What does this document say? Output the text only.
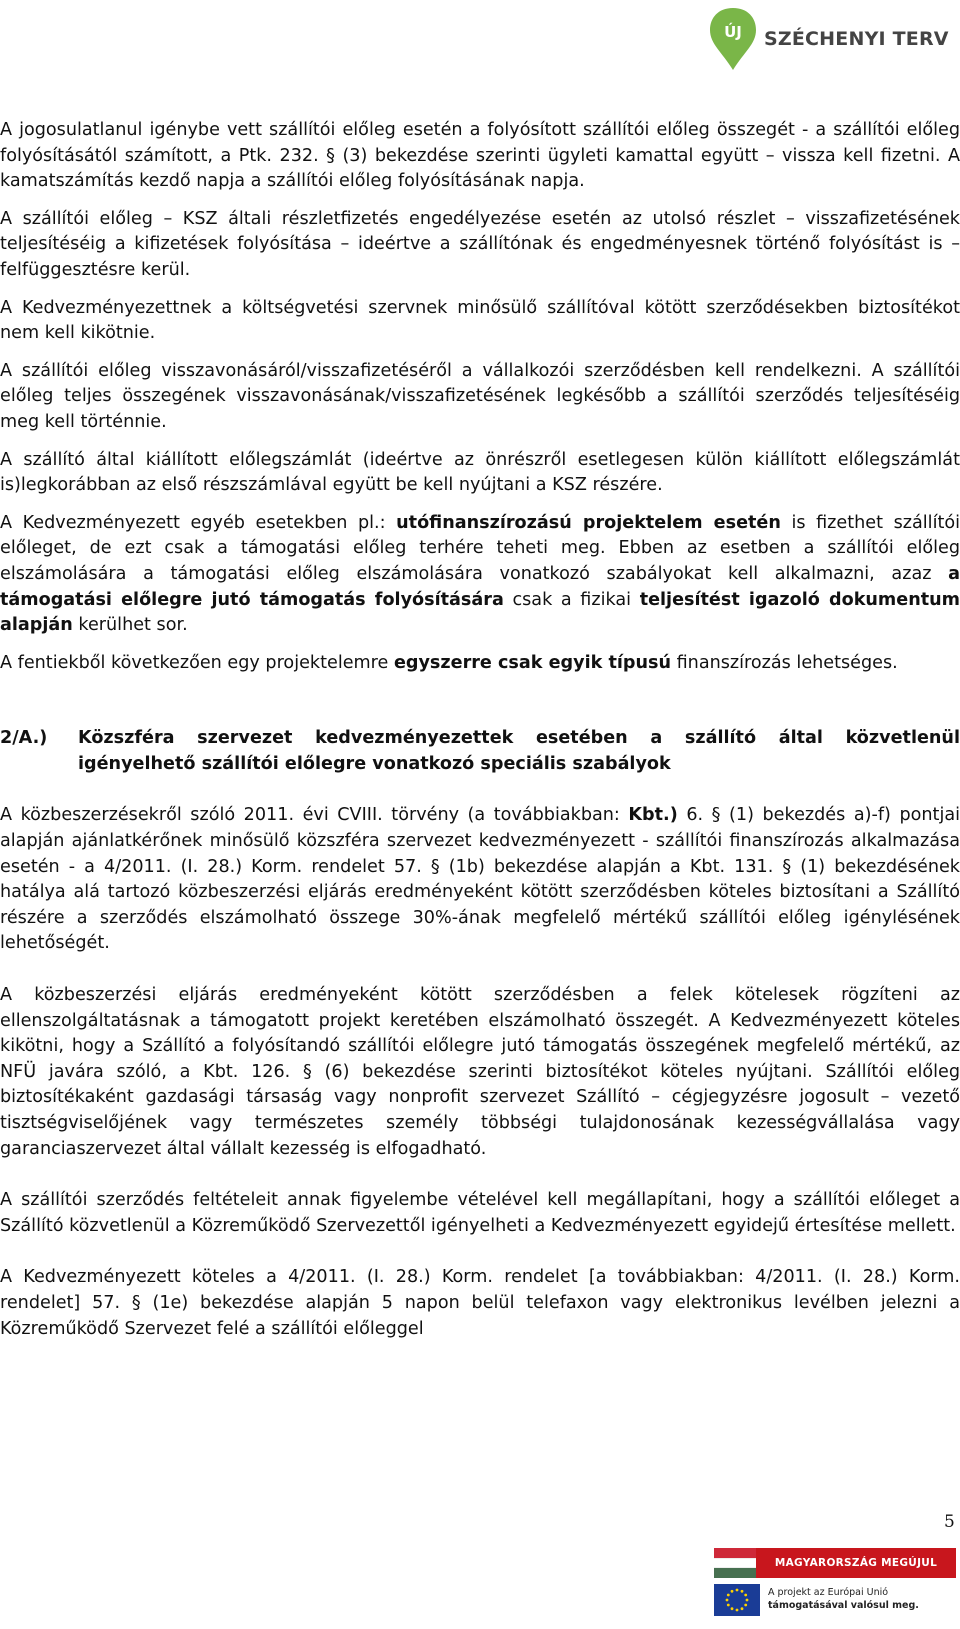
ÚJ SZÉCHENYI TERV

A jogosulatlanul igénybe vett szállítói előleg esetén a folyósított szállítói előleg összegét - a szállítói előleg folyósításától számított, a Ptk. 232. § (3) bekezdése szerinti ügyleti kamattal együtt – vissza kell fizetni. A kamatszámítás kezdő napja a szállítói előleg folyósításának napja.

A szállítói előleg – KSZ általi részletfizetés engedélyezése esetén az utolsó részlet – visszafizetésének teljesítéséig a kifizetések folyósítása – ideértve a szállítónak és engedményesnek történő folyósítást is – felfüggesztésre kerül.

A Kedvezményezettnek a költségvetési szervnek minősülő szállítóval kötött szerződésekben biztosítékot nem kell kikötnie.

A szállítói előleg visszavonásáról/visszafizetéséről a vállalkozói szerződésben kell rendelkezni. A szállítói előleg teljes összegének visszavonásának/visszafizetésének legkésőbb a szállítói szerződés teljesítéséig meg kell történnie.

A szállító által kiállított előlegszámlát (ideértve az önrészről esetlegesen külön kiállított előlegszámlát is)legkorábban az első részszámlával együtt be kell nyújtani a KSZ részére.

A Kedvezményezett egyéb esetekben pl.: utófinanszírozású projektelem esetén is fizethet szállítói előleget, de ezt csak a támogatási előleg terhére teheti meg. Ebben az esetben a szállítói előleg elszámolására a támogatási előleg elszámolására vonatkozó szabályokat kell alkalmazni, azaz a támogatási előlegre jutó támogatás folyósítására csak a fizikai teljesítést igazoló dokumentum alapján kerülhet sor.

A fentiekből következően egy projektelemre egyszerre csak egyik típusú finanszírozás lehetséges.

2/A.)	Közszféra szervezet kedvezményezettek esetében a szállító által közvetlenül igényelhető szállítói előlegre vonatkozó speciális szabályok

A közbeszerzésekről szóló 2011. évi CVIII. törvény (a továbbiakban: Kbt.) 6. § (1) bekezdés a)-f) pontjai alapján ajánlatkérőnek minősülő közszféra szervezet kedvezményezett - szállítói finanszírozás alkalmazása esetén - a 4/2011. (I. 28.) Korm. rendelet 57. § (1b) bekezdése alapján a Kbt. 131. § (1) bekezdésének hatálya alá tartozó közbeszerzési eljárás eredményeként kötött szerződésben köteles biztosítani a Szállító részére a szerződés elszámolható összege 30%-ának megfelelő mértékű szállítói előleg igénylésének lehetőségét.

A közbeszerzési eljárás eredményeként kötött szerződésben a felek kötelesek rögzíteni az ellenszolgáltatásnak a támogatott projekt keretében elszámolható összegét. A Kedvezményezett köteles kikötni, hogy a Szállító a folyósítandó szállítói előlegre jutó támogatás összegének megfelelő mértékű, az NFÜ javára szóló, a Kbt. 126. § (6) bekezdése szerinti biztosítékot köteles nyújtani. Szállítói előleg biztosítékaként gazdasági társaság vagy nonprofit szervezet Szállító – cégjegyzésre jogosult – vezető tisztségviselőjének vagy természetes személy többségi tulajdonosának kezességvállalása vagy garanciaszervezet által vállalt kezesség is elfogadható.

A szállítói szerződés feltételeit annak figyelembe vételével kell megállapítani, hogy a szállítói előleget a Szállító közvetlenül a Közreműködő Szervezettől igényelheti a Kedvezményezett egyidejű értesítése mellett.

A Kedvezményezett köteles a 4/2011. (I. 28.) Korm. rendelet [a továbbiakban: 4/2011. (I. 28.) Korm. rendelet] 57. § (1e) bekezdése alapján 5 napon belül telefaxon vagy elektronikus levélben jelezni a Közreműködő Szervezet felé a szállítói előleggel

5
MAGYARORSZÁG MEGÚJUL
A projekt az Európai Unió
támogatásával valósul meg.
